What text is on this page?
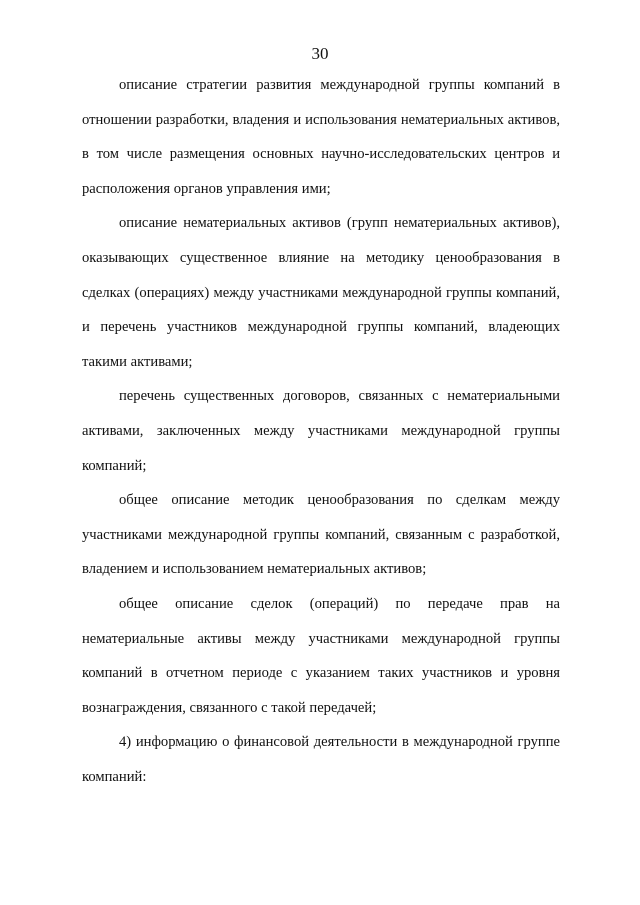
30

описание стратегии развития международной группы компаний в отношении разработки, владения и использования нематериальных активов, в том числе размещения основных научно-исследовательских центров и расположения органов управления ими;

описание нематериальных активов (групп нематериальных активов), оказывающих существенное влияние на методику ценообразования в сделках (операциях) между участниками международной группы компаний, и перечень участников международной группы компаний, владеющих такими активами;

перечень существенных договоров, связанных с нематериальными активами, заключенных между участниками международной группы компаний;

общее описание методик ценообразования по сделкам между участниками международной группы компаний, связанным с разработкой, владением и использованием нематериальных активов;

общее описание сделок (операций) по передаче прав на нематериальные активы между участниками международной группы компаний в отчетном периоде с указанием таких участников и уровня вознаграждения, связанного с такой передачей;

4) информацию о финансовой деятельности в международной группе компаний:
